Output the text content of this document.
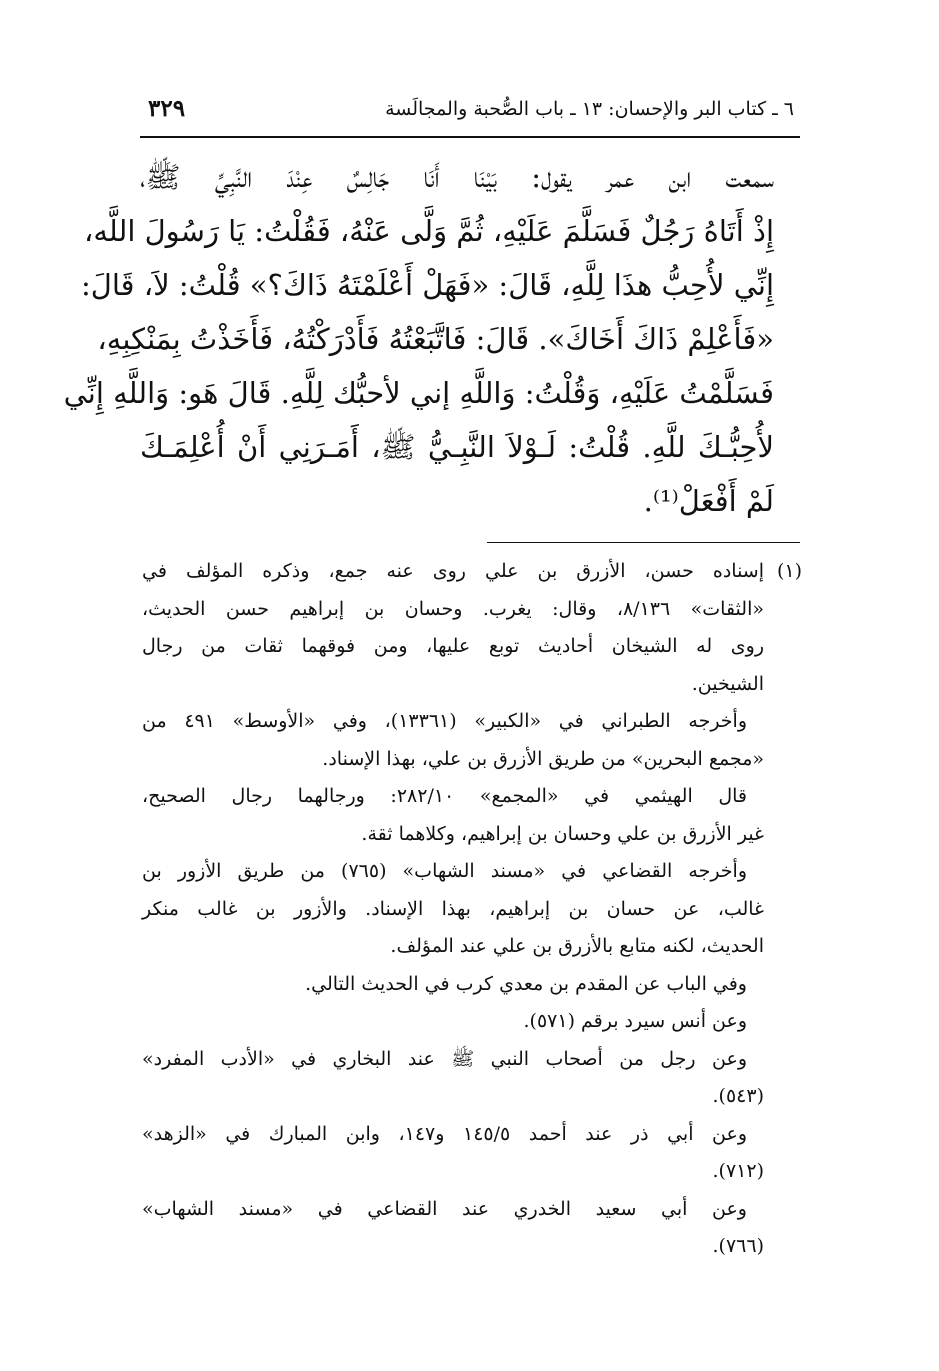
٦ ـ كتاب البر والإحسان: ١٣ ـ باب الصُّحبة والمجالَسة
٣٢٩
سمعت ابن عمر يقول: بَيْنَا أَنَا جَالِسٌ عِنْدَ النَّبِيِّ ﷺ،
إِذْ أَتَاهُ رَجُلٌ فَسَلَّمَ عَلَيْهِ، ثُمَّ وَلَّى عَنْهُ، فَقُلْتُ: يَا رَسُولَ اللَّه،
إِنِّي لأُحِبُّ هذَا لِلَّهِ، قَالَ: «فَهَلْ أَعْلَمْتَهُ ذَاكَ؟» قُلْتُ: لاَ، قَالَ:
«فَأَعْلِمْ ذَاكَ أَخَاكَ». قَالَ: فَاتَّبَعْتُهُ فَأَدْرَكْتُهُ، فَأَخَذْتُ بِمَنْكِبِهِ،
فَسَلَّمْتُ عَلَيْهِ، وَقُلْتُ: وَاللَّهِ إني لأحبُّك لِلَّهِ. قَالَ هَو: وَاللَّهِ إِنِّي
لأُحِبُّـكَ للَّهِ. قُلْتُ: لَـوْلاَ النَّبِـيُّ ﷺ، أَمَـرَنِي أَنْ أُعْلِمَـكَ
لَمْ أَفْعَلْ⁽¹⁾.
(١)إسناده حسن، الأزرق بن علي روى عنه جمع، وذكره المؤلف في
«الثقات» ٨/١٣٦، وقال: يغرب. وحسان بن إبراهيم حسن الحديث،
روى له الشيخان أحاديث توبع عليها، ومن فوقهما ثقات من رجال
الشيخين.
وأخرجه الطبراني في «الكبير» (١٣٣٦١)، وفي «الأوسط» ٤٩١ من
«مجمع البحرين» من طريق الأزرق بن علي، بهذا الإسناد.
قال الهيثمي في «المجمع» ٢٨٢/١٠: ورجالهما رجال الصحيح،
غير الأزرق بن علي وحسان بن إبراهيم، وكلاهما ثقة.
وأخرجه القضاعي في «مسند الشهاب» (٧٦٥) من طريق الأزور بن
غالب، عن حسان بن إبراهيم، بهذا الإسناد. والأزور بن غالب منكر
الحديث، لكنه متابع بالأزرق بن علي عند المؤلف.
وفي الباب عن المقدم بن معدي كرب في الحديث التالي.
وعن أنس سيرد برقم (٥٧١).
وعن رجل من أصحاب النبي ﷺ عند البخاري في «الأدب المفرد»
(٥٤٣).
وعن أبي ذر عند أحمد ١٤٥/٥ و١٤٧، وابن المبارك في «الزهد»
(٧١٢).
وعن أبي سعيد الخدري عند القضاعي في «مسند الشهاب»
(٧٦٦).
